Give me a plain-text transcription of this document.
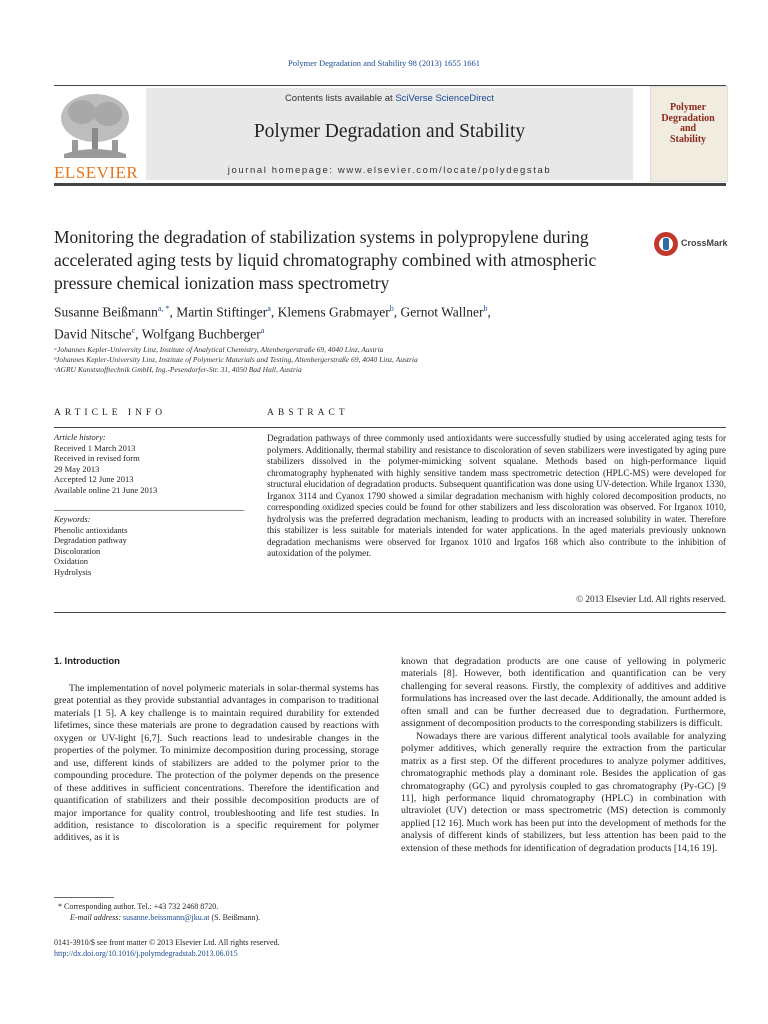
Polymer Degradation and Stability 98 (2013) 1655 1661
ELSEVIER
Contents lists available at SciVerse ScienceDirect
Polymer Degradation and Stability
journal homepage: www.elsevier.com/locate/polydegstab
Polymer
Degradation
and
Stability
Monitoring the degradation of stabilization systems in polypropylene during accelerated aging tests by liquid chromatography combined with atmospheric pressure chemical ionization mass spectrometry
CrossMark
Susanne Beißmann$^{a, *}$, Martin Stiftinger$^a$, Klemens Grabmayer$^b$, Gernot Wallner$^b$,
David Nitsche$^c$, Wolfgang Buchberger$^a$
ᵃJohannes Kepler-University Linz, Institute of Analytical Chemistry, Altenbergerstraße 69, 4040 Linz, Austria
ᵇJohannes Kepler-University Linz, Institute of Polymeric Materials and Testing, Altenbergerstraße 69, 4040 Linz, Austria
ᶜAGRU Kunststofftechnik GmbH, Ing.-Pesendorfer-Str. 31, 4050 Bad Hall, Austria
ARTICLE INFO	ABSTRACT
Article history:
Received 1 March 2013
Received in revised form
29 May 2013
Accepted 12 June 2013
Available online 21 June 2013
Keywords:
Phenolic antioxidants
Degradation pathway
Discoloration
Oxidation
Hydrolysis
Degradation pathways of three commonly used antioxidants were successfully studied by using accelerated aging tests for polymers. Additionally, thermal stability and resistance to discoloration of seven stabilizers were investigated by aging pure stabilizers dissolved in the polymer-mimicking solvent squalane. Methods based on high-performance liquid chromatography hyphenated with highly sensitive tandem mass spectrometric detection (HPLC-MS) were developed for structural elucidation of degradation products. Subsequent quantification was done using UV-detection. While Irganox 1330, Irganox 3114 and Cyanox 1790 showed a similar degradation mechanism with highly colored decomposition products, no corresponding oxidized species could be found for other stabilizers and less discoloration was observed. For Irganox 1010, hydrolysis was the preferred degradation mechanism, leading to products with an increased solubility in water. Therefore this stabilizer is less suitable for materials intended for water applications. In the aged materials previously unknown degradation mechanisms were observed for Irganox 1010 and Irgafos 168 which also contribute to the inhibition of autoxidation of the polymer.
© 2013 Elsevier Ltd. All rights reserved.
1. Introduction

The implementation of novel polymeric materials in solar-thermal systems has great potential as they provide substantial advantages in comparison to traditional materials [1 5]. A key challenge is to maintain required durability for extended lifetimes, since these materials are prone to degradation caused by reactions with oxygen or UV-light [6,7]. Such reactions lead to undesirable changes in the properties of the polymer. To minimize decomposition during processing, storage and use, different kinds of stabilizers are added to the polymer prior to the compounding procedure. The protection of the polymer depends on the presence of these additives in sufficient concentrations. Therefore the identification and quantification of stabilizers and their possible decomposition products are of major importance for quality control, troubleshooting and life test studies. In addition, resistance to discoloration is a specific requirement for polymer additives, as it is

known that degradation products are one cause of yellowing in polymeric materials [8]. However, both identification and quantification can be very challenging for several reasons. Firstly, the complexity of additives and additive formulations has increased over the last decade. Additionally, the amount added is often small and can be further decreased due to degradation. Furthermore, assignment of decomposition products to the corresponding stabilizers is difficult.

Nowadays there are various different analytical tools available for analyzing polymer additives, which generally require the extraction from the particular matrix as a first step. Of the different procedures to analyze polymer additives, chromatographic methods play a dominant role. Besides the application of gas chromatography (GC) and pyrolysis coupled to gas chromatography (Py-GC) [9 11], high performance liquid chromatography (HPLC) in combination with ultraviolet (UV) detection or mass spectrometric (MS) detection is commonly applied [12 16]. Much work has been put into the development of methods for the analysis of different kinds of stabilizers, but less attention has been paid to the extension of these methods for identification of degradation products [14,16 19].

* Corresponding author. Tel.: +43 732 2468 8720.
E-mail address: susanne.beissmann@jku.at (S. Beißmann).
0141-3910/$ see front matter © 2013 Elsevier Ltd. All rights reserved.
http://dx.doi.org/10.1016/j.polymdegradstab.2013.06.015
